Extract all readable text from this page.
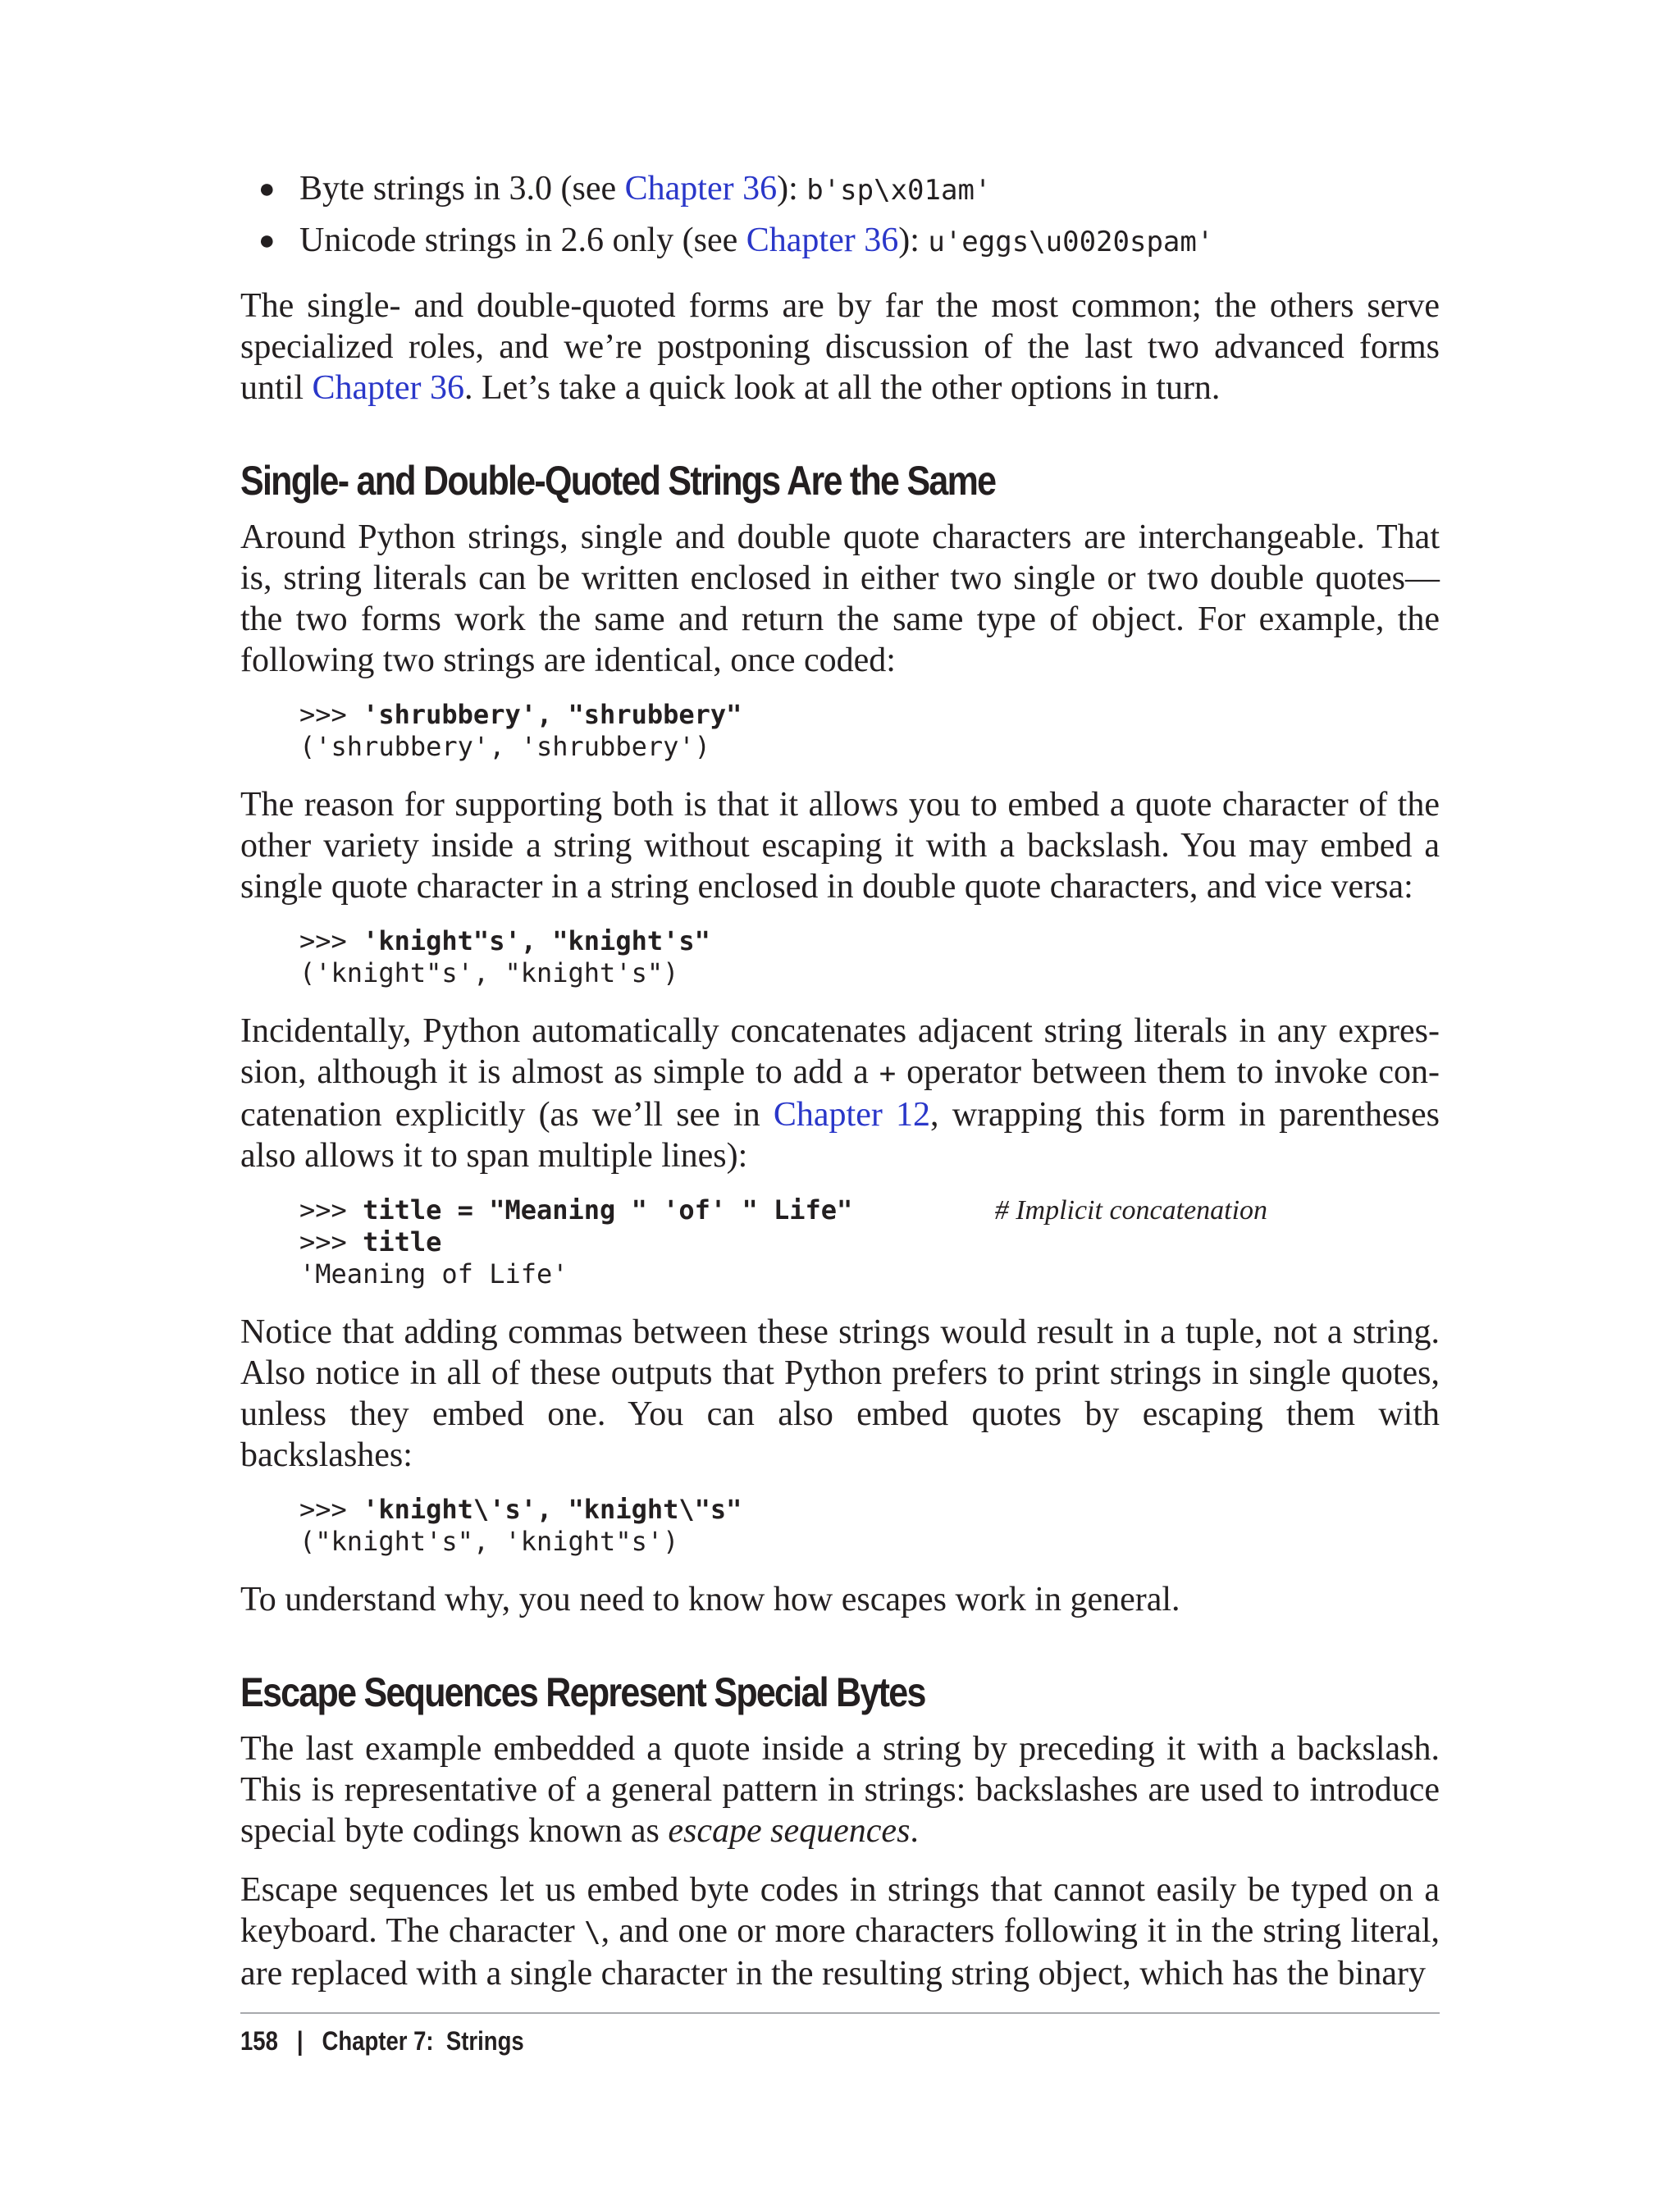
● Byte strings in 3.0 (see Chapter 36): b'sp\x01am'
● Unicode strings in 2.6 only (see Chapter 36): u'eggs\u0020spam'

The single- and double-quoted forms are by far the most common; the others serve specialized roles, and we’re postponing discussion of the last two advanced forms until Chapter 36. Let’s take a quick look at all the other options in turn.

Single- and Double-Quoted Strings Are the Same

Around Python strings, single and double quote characters are interchangeable. That is, string literals can be written enclosed in either two single or two double quotes—the two forms work the same and return the same type of object. For example, the following two strings are identical, once coded:

>>> 'shrubbery', "shrubbery"
('shrubbery', 'shrubbery')

The reason for supporting both is that it allows you to embed a quote character of the other variety inside a string without escaping it with a backslash. You may embed a single quote character in a string enclosed in double quote characters, and vice versa:

>>> 'knight"s', "knight's"
('knight"s', "knight's")

Incidentally, Python automatically concatenates adjacent string literals in any expression, although it is almost as simple to add a + operator between them to invoke concatenation explicitly (as we’ll see in Chapter 12, wrapping this form in parentheses also allows it to span multiple lines):

>>> title = "Meaning " 'of' " Life"	# Implicit concatenation
>>> title
'Meaning of Life'

Notice that adding commas between these strings would result in a tuple, not a string. Also notice in all of these outputs that Python prefers to print strings in single quotes, unless they embed one. You can also embed quotes by escaping them with backslashes:

>>> 'knight\'s', "knight\"s"
("knight's", 'knight"s')

To understand why, you need to know how escapes work in general.

Escape Sequences Represent Special Bytes

The last example embedded a quote inside a string by preceding it with a backslash. This is representative of a general pattern in strings: backslashes are used to introduce special byte codings known as escape sequences.

Escape sequences let us embed byte codes in strings that cannot easily be typed on a keyboard. The character \, and one or more characters following it in the string literal, are replaced with a single character in the resulting string object, which has the binary

158 | Chapter 7:  Strings
